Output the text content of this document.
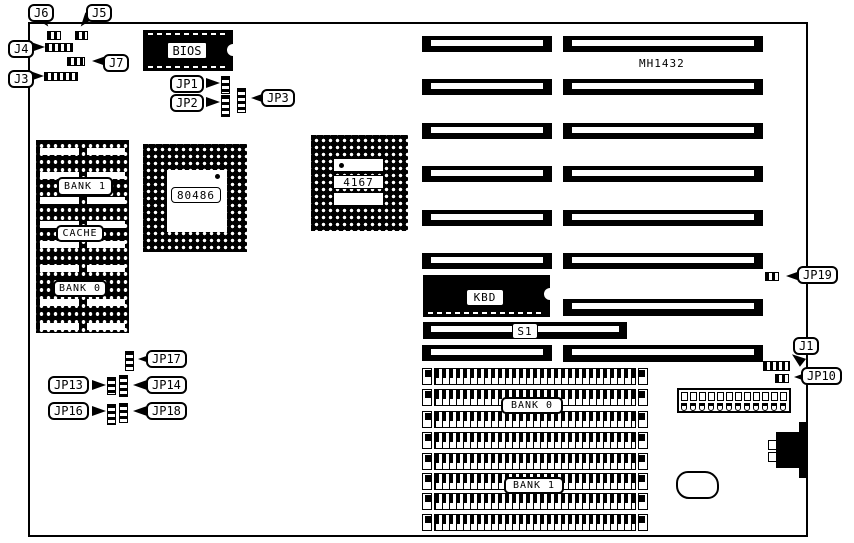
J6	J5
J4
J7
J3
BIOS
JP1
JP2	JP3
BANK 1
CACHE
BANK 0
80486
4167
MH1432
KBD
S1
JP19
J1
JP10
JP17
JP13	JP14
JP16	JP18	BANK 0
BANK 1
